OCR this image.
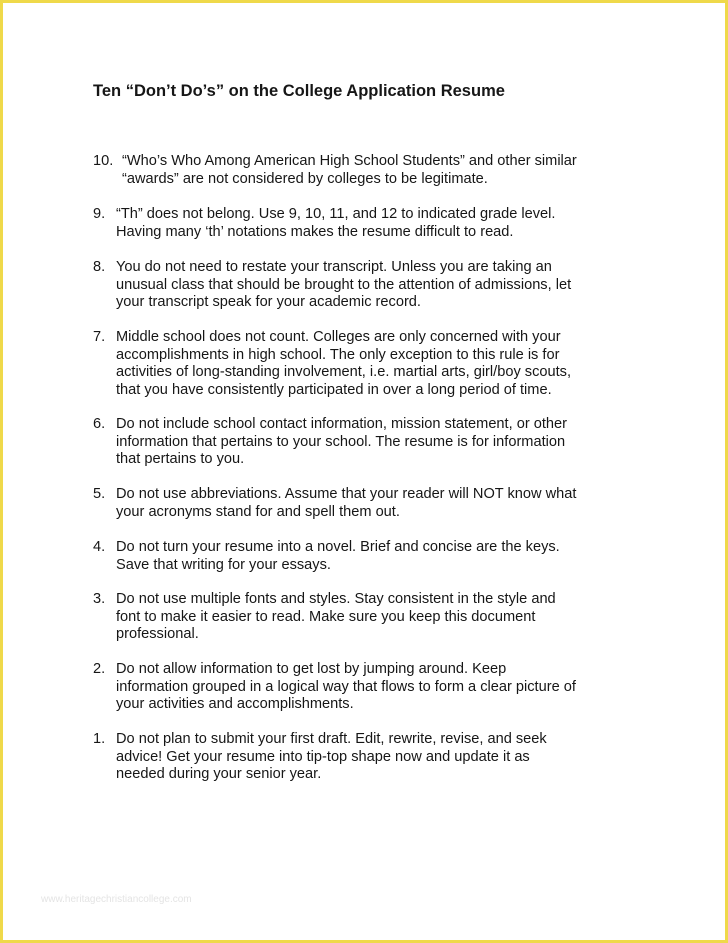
Ten “Don’t Do’s” on the College Application Resume
10. “Who’s Who Among American High School Students” and other similar
“awards” are not considered by colleges to be legitimate.
9. “Th” does not belong. Use 9, 10, 11, and 12 to indicated grade level.
Having many ‘th’ notations makes the resume difficult to read.
8. You do not need to restate your transcript. Unless you are taking an
unusual class that should be brought to the attention of admissions, let
your transcript speak for your academic record.
7. Middle school does not count. Colleges are only concerned with your
accomplishments in high school. The only exception to this rule is for
activities of long-standing involvement, i.e. martial arts, girl/boy scouts,
that you have consistently participated in over a long period of time.
6. Do not include school contact information, mission statement, or other
information that pertains to your school. The resume is for information
that pertains to you.
5. Do not use abbreviations. Assume that your reader will NOT know what
your acronyms stand for and spell them out.
4. Do not turn your resume into a novel. Brief and concise are the keys.
Save that writing for your essays.
3. Do not use multiple fonts and styles. Stay consistent in the style and
font to make it easier to read. Make sure you keep this document
professional.
2. Do not allow information to get lost by jumping around. Keep
information grouped in a logical way that flows to form a clear picture of
your activities and accomplishments.
1. Do not plan to submit your first draft. Edit, rewrite, revise, and seek
advice! Get your resume into tip-top shape now and update it as
needed during your senior year.
www.heritagechristiancollege.com
